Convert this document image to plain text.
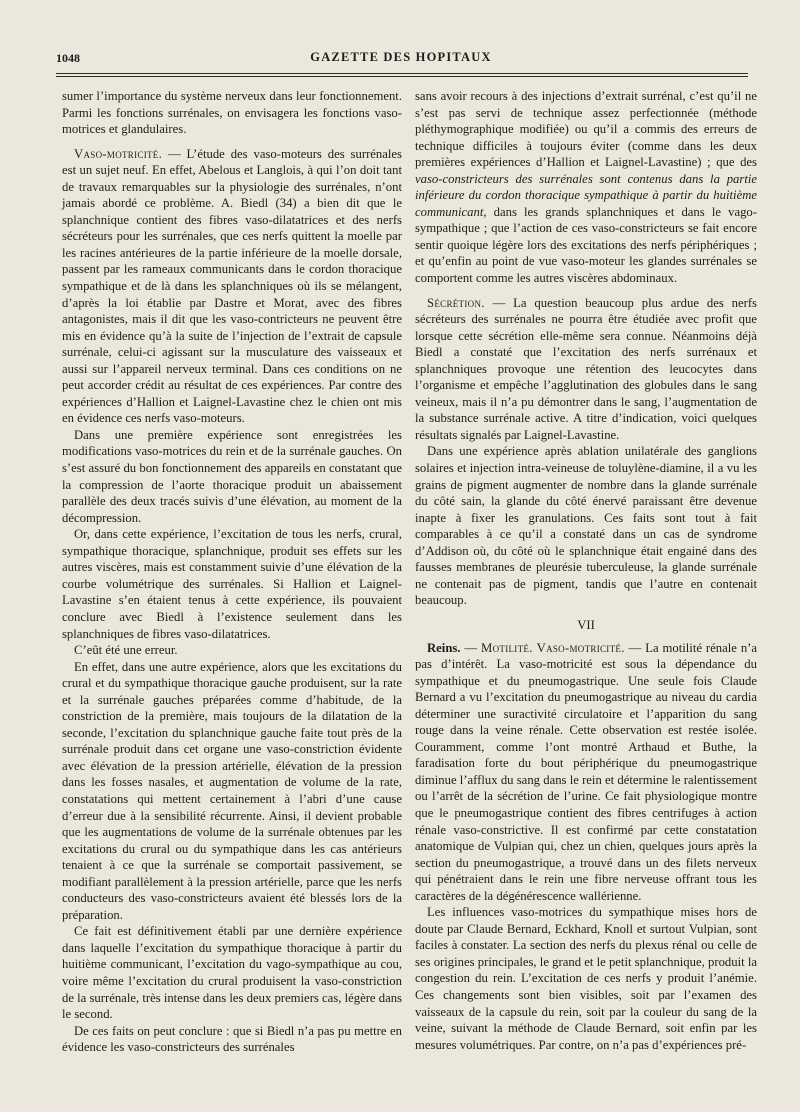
1048	GAZETTE DES HOPITAUX

sumer l’importance du système nerveux dans leur fonctionnement. Parmi les fonctions surrénales, on envisagera les fonctions vaso-motrices et glandulaires.

Vaso-motricité. — L’étude des vaso-moteurs des surrénales est un sujet neuf. En effet, Abelous et Langlois, à qui l’on doit tant de travaux remarquables sur la physiologie des surrénales, n’ont jamais abordé ce problème. A. Biedl (34) a bien dit que le splanchnique contient des fibres vaso-dilatatrices et des nerfs sécréteurs pour les surrénales, que ces nerfs quittent la moelle par les racines antérieures de la partie inférieure de la moelle dorsale, passent par les rameaux communicants dans le cordon thoracique sympathique et de là dans les splanchniques où ils se mélangent, d’après la loi établie par Dastre et Morat, avec des fibres antagonistes, mais il dit que les vaso-contricteurs ne peuvent être mis en évidence qu’à la suite de l’injection de l’extrait de capsule surrénale, celui-ci agissant sur la musculature des vaisseaux et aussi sur l’appareil nerveux terminal. Dans ces conditions on ne peut accorder crédit au résultat de ces expériences. Par contre des expériences d’Hallion et Laignel-Lavastine chez le chien ont mis en évidence ces nerfs vaso-moteurs.

Dans une première expérience sont enregistrées les modifications vaso-motrices du rein et de la surrénale gauches. On s’est assuré du bon fonctionnement des appareils en constatant que la compression de l’aorte thoracique produit un abaissement parallèle des deux tracés suivis d’une élévation, au moment de la décompression.

Or, dans cette expérience, l’excitation de tous les nerfs, crural, sympathique thoracique, splanchnique, produit ses effets sur les autres viscères, mais est constamment suivie d’une élévation de la courbe volumétrique des surrénales. Si Hallion et Laignel-Lavastine s’en étaient tenus à cette expérience, ils pouvaient conclure avec Biedl à l’existence seulement dans les splanchniques de fibres vaso-dilatatrices.

C’eût été une erreur.

En effet, dans une autre expérience, alors que les excitations du crural et du sympathique thoracique gauche produisent, sur la rate et la surrénale gauches préparées comme d’habitude, de la constriction de la première, mais toujours de la dilatation de la seconde, l’excitation du splanchnique gauche faite tout près de la surrénale produit dans cet organe une vaso-constriction évidente avec élévation de la pression artérielle, élévation de la pression dans les fosses nasales, et augmentation de volume de la rate, constatations qui mettent certainement à l’abri d’une cause d’erreur due à la sensibilité récurrente. Ainsi, il devient probable que les augmentations de volume de la surrénale obtenues par les excitations du crural ou du sympathique dans les cas antérieurs tenaient à ce que la surrénale se comportait passivement, se modifiant parallèlement à la pression artérielle, parce que les nerfs conducteurs des vaso-constricteurs avaient été blessés lors de la préparation.

Ce fait est définitivement établi par une dernière expérience dans laquelle l’excitation du sympathique thoracique à partir du huitième communicant, l’excitation du vago-sympathique au cou, voire même l’excitation du crural produisent la vaso-constriction de la surrénale, très intense dans les deux premiers cas, légère dans le second.

De ces faits on peut conclure : que si Biedl n’a pas pu mettre en évidence les vaso-constricteurs des surrénales

sans avoir recours à des injections d’extrait surrénal, c’est qu’il ne s’est pas servi de technique assez perfectionnée (méthode pléthymographique modifiée) ou qu’il a commis des erreurs de technique difficiles à toujours éviter (comme dans les deux premières expériences d’Hallion et Laignel-Lavastine) ; que des vaso-constricteurs des surrénales sont contenus dans la partie inférieure du cordon thoracique sympathique à partir du huitième communicant, dans les grands splanchniques et dans le vago-sympathique ; que l’action de ces vaso-constricteurs se fait encore sentir quoique légère lors des excitations des nerfs périphériques ; et qu’enfin au point de vue vaso-moteur les glandes surrénales se comportent comme les autres viscères abdominaux.

Sécrétion. — La question beaucoup plus ardue des nerfs sécréteurs des surrénales ne pourra être étudiée avec profit que lorsque cette sécrétion elle-même sera connue. Néanmoins déjà Biedl a constaté que l’excitation des nerfs surrénaux et splanchniques provoque une rétention des leucocytes dans l’organisme et empêche l’agglutination des globules dans le sang veineux, mais il n’a pu démontrer dans le sang, l’augmentation de la substance surrénale active. A titre d’indication, voici quelques résultats signalés par Laignel-Lavastine.

Dans une expérience après ablation unilatérale des ganglions solaires et injection intra-veineuse de toluylène-diamine, il a vu les grains de pigment augmenter de nombre dans la glande surrénale du côté sain, la glande du côté énervé paraissant être devenue inapte à fixer les granulations. Ces faits sont tout à fait comparables à ce qu’il a constaté dans un cas de syndrome d’Addison où, du côté où le splanchnique était engainé dans des fausses membranes de pleurésie tuberculeuse, la glande surrénale ne contenait pas de pigment, tandis que l’autre en contenait beaucoup.

VII

Reins. — Motilité. Vaso-motricité. — La motilité rénale n’a pas d’intérêt. La vaso-motricité est sous la dépendance du sympathique et du pneumogastrique. Une seule fois Claude Bernard a vu l’excitation du pneumogastrique au niveau du cardia déterminer une suractivité circulatoire et l’apparition du sang rouge dans la veine rénale. Cette observation est restée isolée. Couramment, comme l’ont montré Arthaud et Buthe, la faradisation forte du bout périphérique du pneumogastrique diminue l’afflux du sang dans le rein et détermine le ralentissement ou l’arrêt de la sécrétion de l’urine. Ce fait physiologique montre que le pneumogastrique contient des fibres centrifuges à action rénale vaso-constrictive. Il est confirmé par cette constatation anatomique de Vulpian qui, chez un chien, quelques jours après la section du pneumogastrique, a trouvé dans un des filets nerveux qui pénétraient dans le rein une fibre nerveuse offrant tous les caractères de la dégénérescence wallérienne.

Les influences vaso-motrices du sympathique mises hors de doute par Claude Bernard, Eckhard, Knoll et surtout Vulpian, sont faciles à constater. La section des nerfs du plexus rénal ou celle de ses origines principales, le grand et le petit splanchnique, produit la congestion du rein. L’excitation de ces nerfs y produit l’anémie. Ces changements sont bien visibles, soit par l’examen des vaisseaux de la capsule du rein, soit par la couleur du sang de la veine, suivant la méthode de Claude Bernard, soit enfin par les mesures volumétriques. Par contre, on n’a pas d’expériences pré-
